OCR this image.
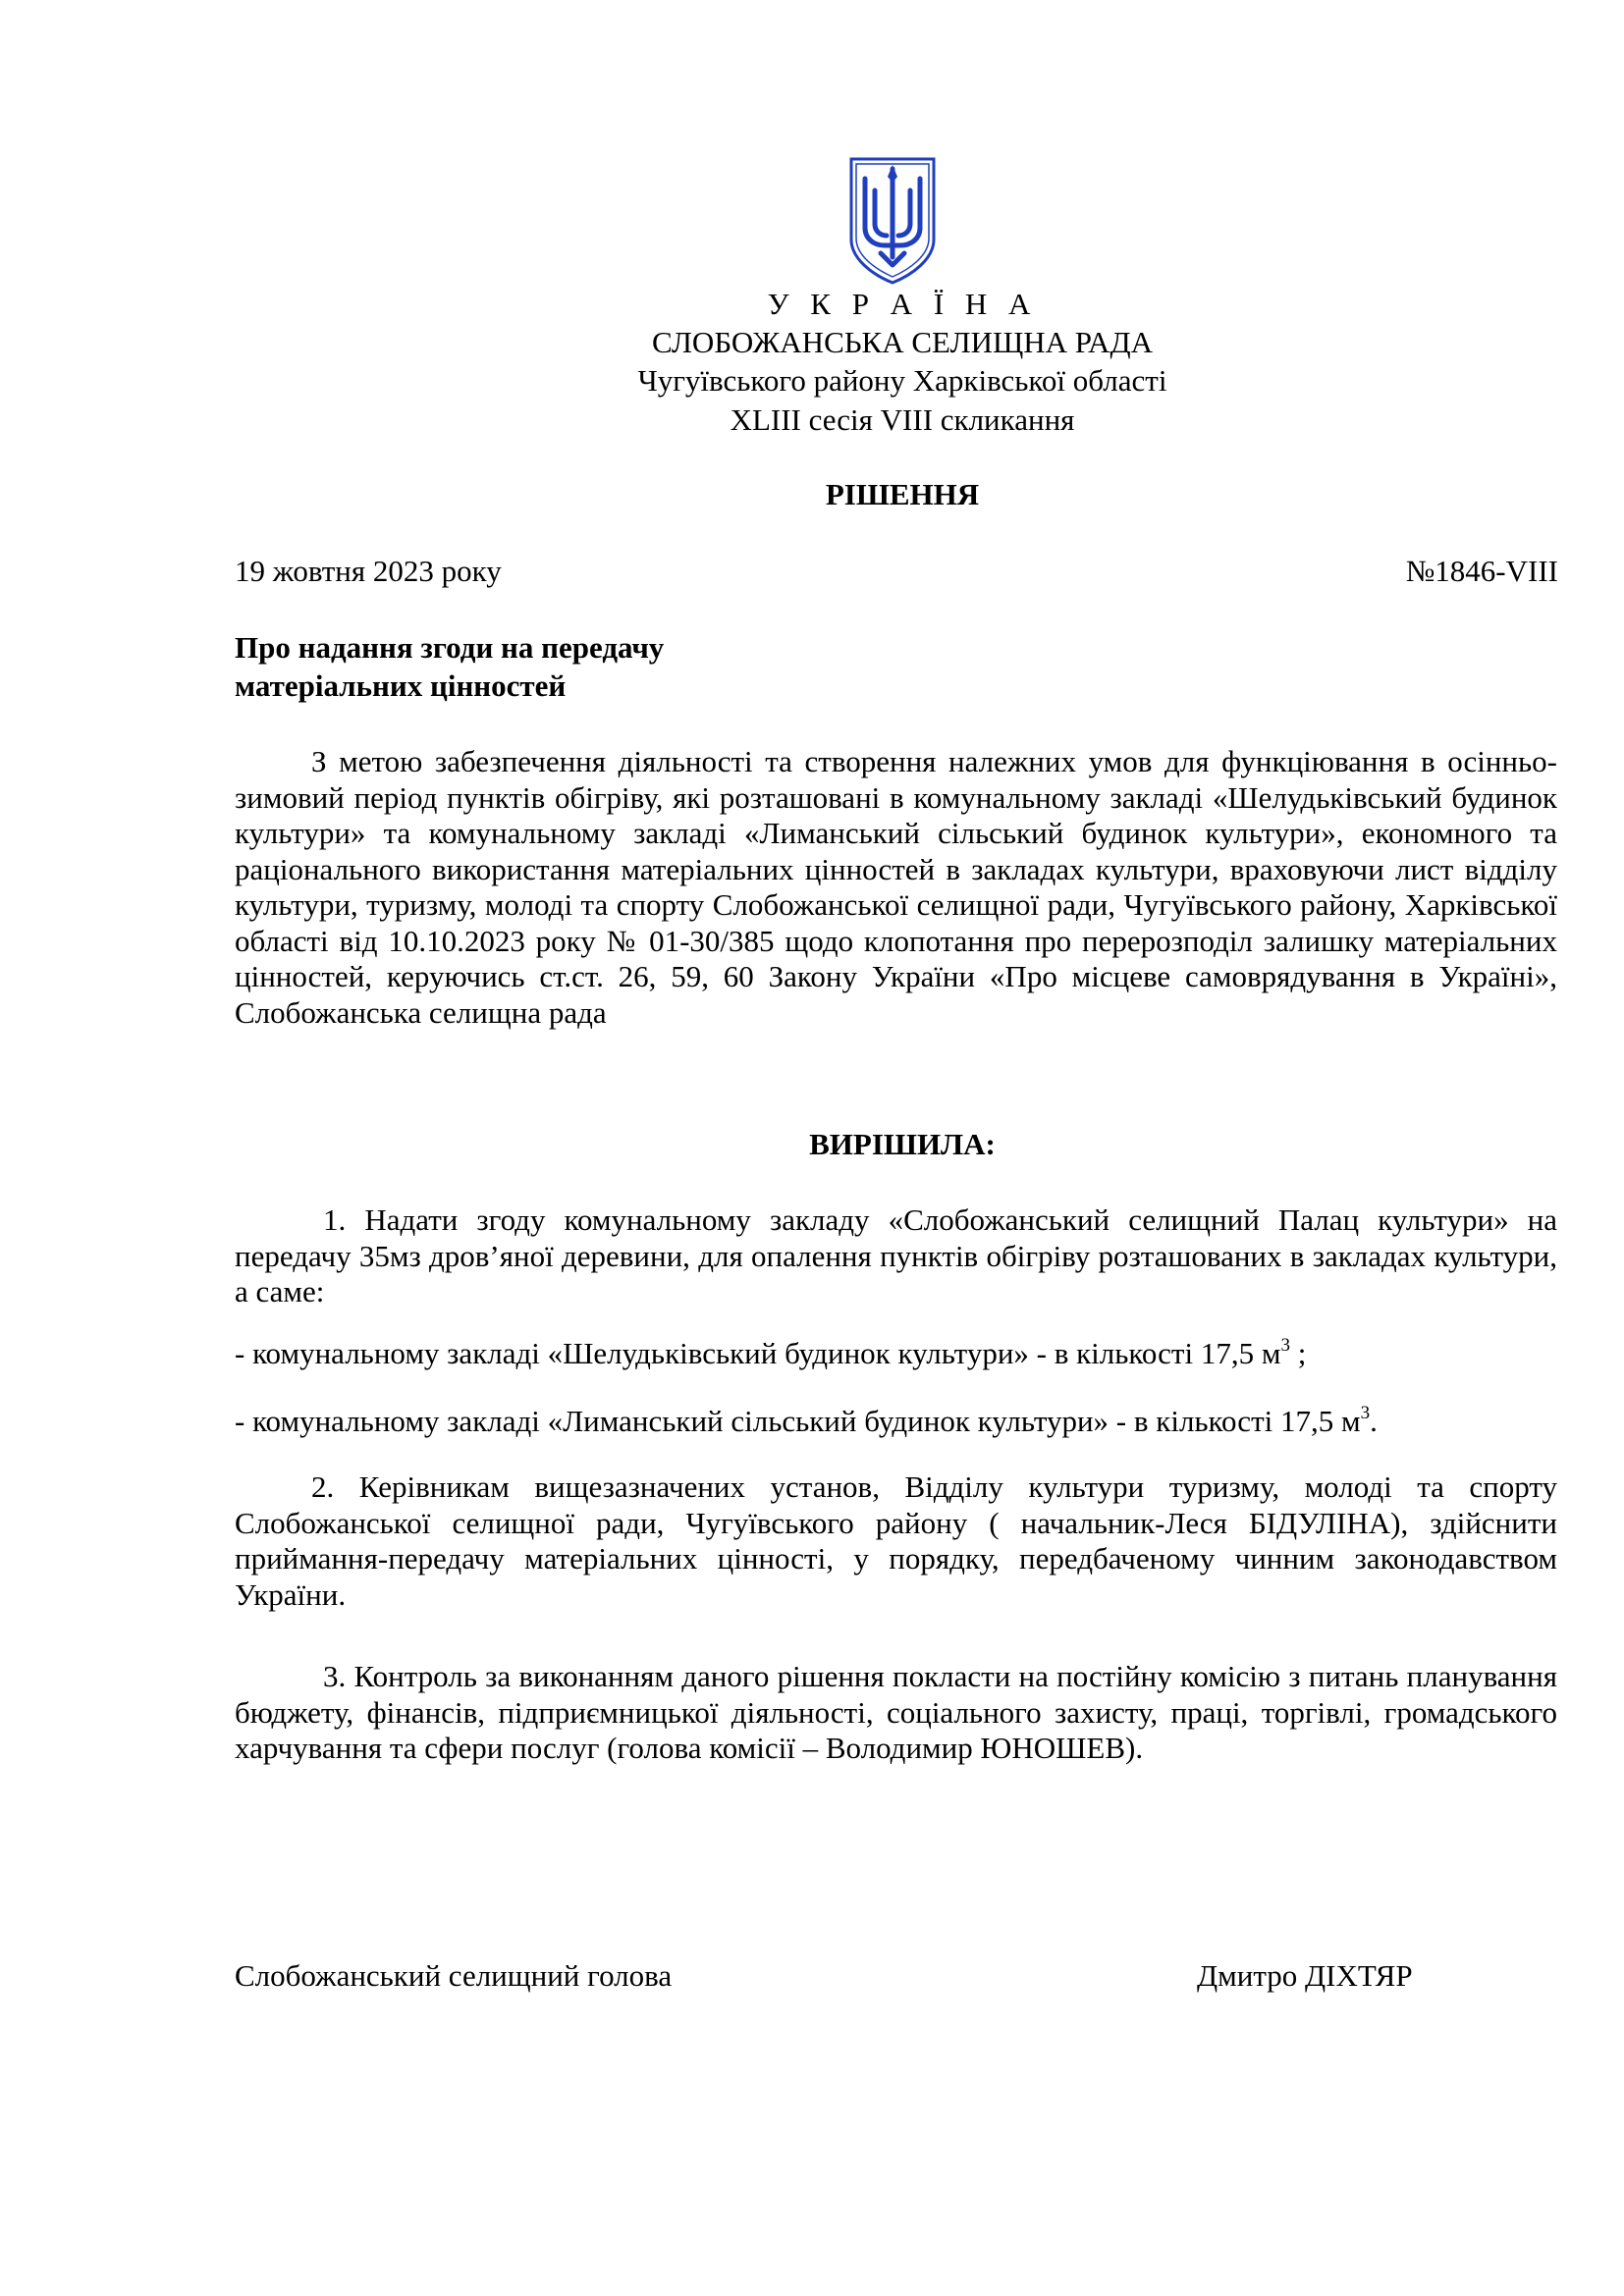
У К Р А Ї Н А
СЛОБОЖАНСЬКА СЕЛИЩНА РАДА
Чугуївського району Харківської області
XLIII сесія VIII скликання
РІШЕННЯ
19 жовтня 2023 року	№1846-VIII
Про надання згоди на передачу
матеріальних цінностей

З метою забезпечення діяльності та створення належних умов для функціювання в осінньо-зимовий період пунктів обігріву, які розташовані в комунальному закладі «Шелудьківський будинок культури» та комунальному закладі «Лиманський сільський будинок культури», економного та раціонального використання матеріальних цінностей в закладах культури, враховуючи лист відділу культури, туризму, молоді та спорту Слобожанської селищної ради, Чугуївського району, Харківської області від 10.10.2023 року № 01-30/385 щодо клопотання про перерозподіл залишку матеріальних цінностей, керуючись ст.ст. 26, 59, 60 Закону України «Про місцеве самоврядування в Україні», Слобожанська селищна рада

ВИРІШИЛА:

1. Надати згоду комунальному закладу «Слобожанський селищний Палац культури» на передачу 35мз дров’яної деревини, для опалення пунктів обігріву розташованих в закладах культури, а саме:

- комунальному закладі «Шелудьківський будинок культури» - в кількості 17,5 $м^3$ ;
- комунальному закладі «Лиманський сільський будинок культури» - в кількості 17,5 $м^3$.

2. Керівникам вищезазначених установ, Відділу культури туризму, молоді та спорту Слобожанської селищної ради, Чугуївського району ( начальник-Леся БІДУЛІНА), здійснити приймання-передачу матеріальних цінності, у порядку, передбаченому чинним законодавством України.

3. Контроль за виконанням даного рішення покласти на постійну комісію з питань планування бюджету, фінансів, підприємницької діяльності, соціального захисту, праці, торгівлі, громадського харчування та сфери послуг (голова комісії – Володимир ЮНОШЕВ).

Слобожанський селищний голова	Дмитро ДІХТЯР
